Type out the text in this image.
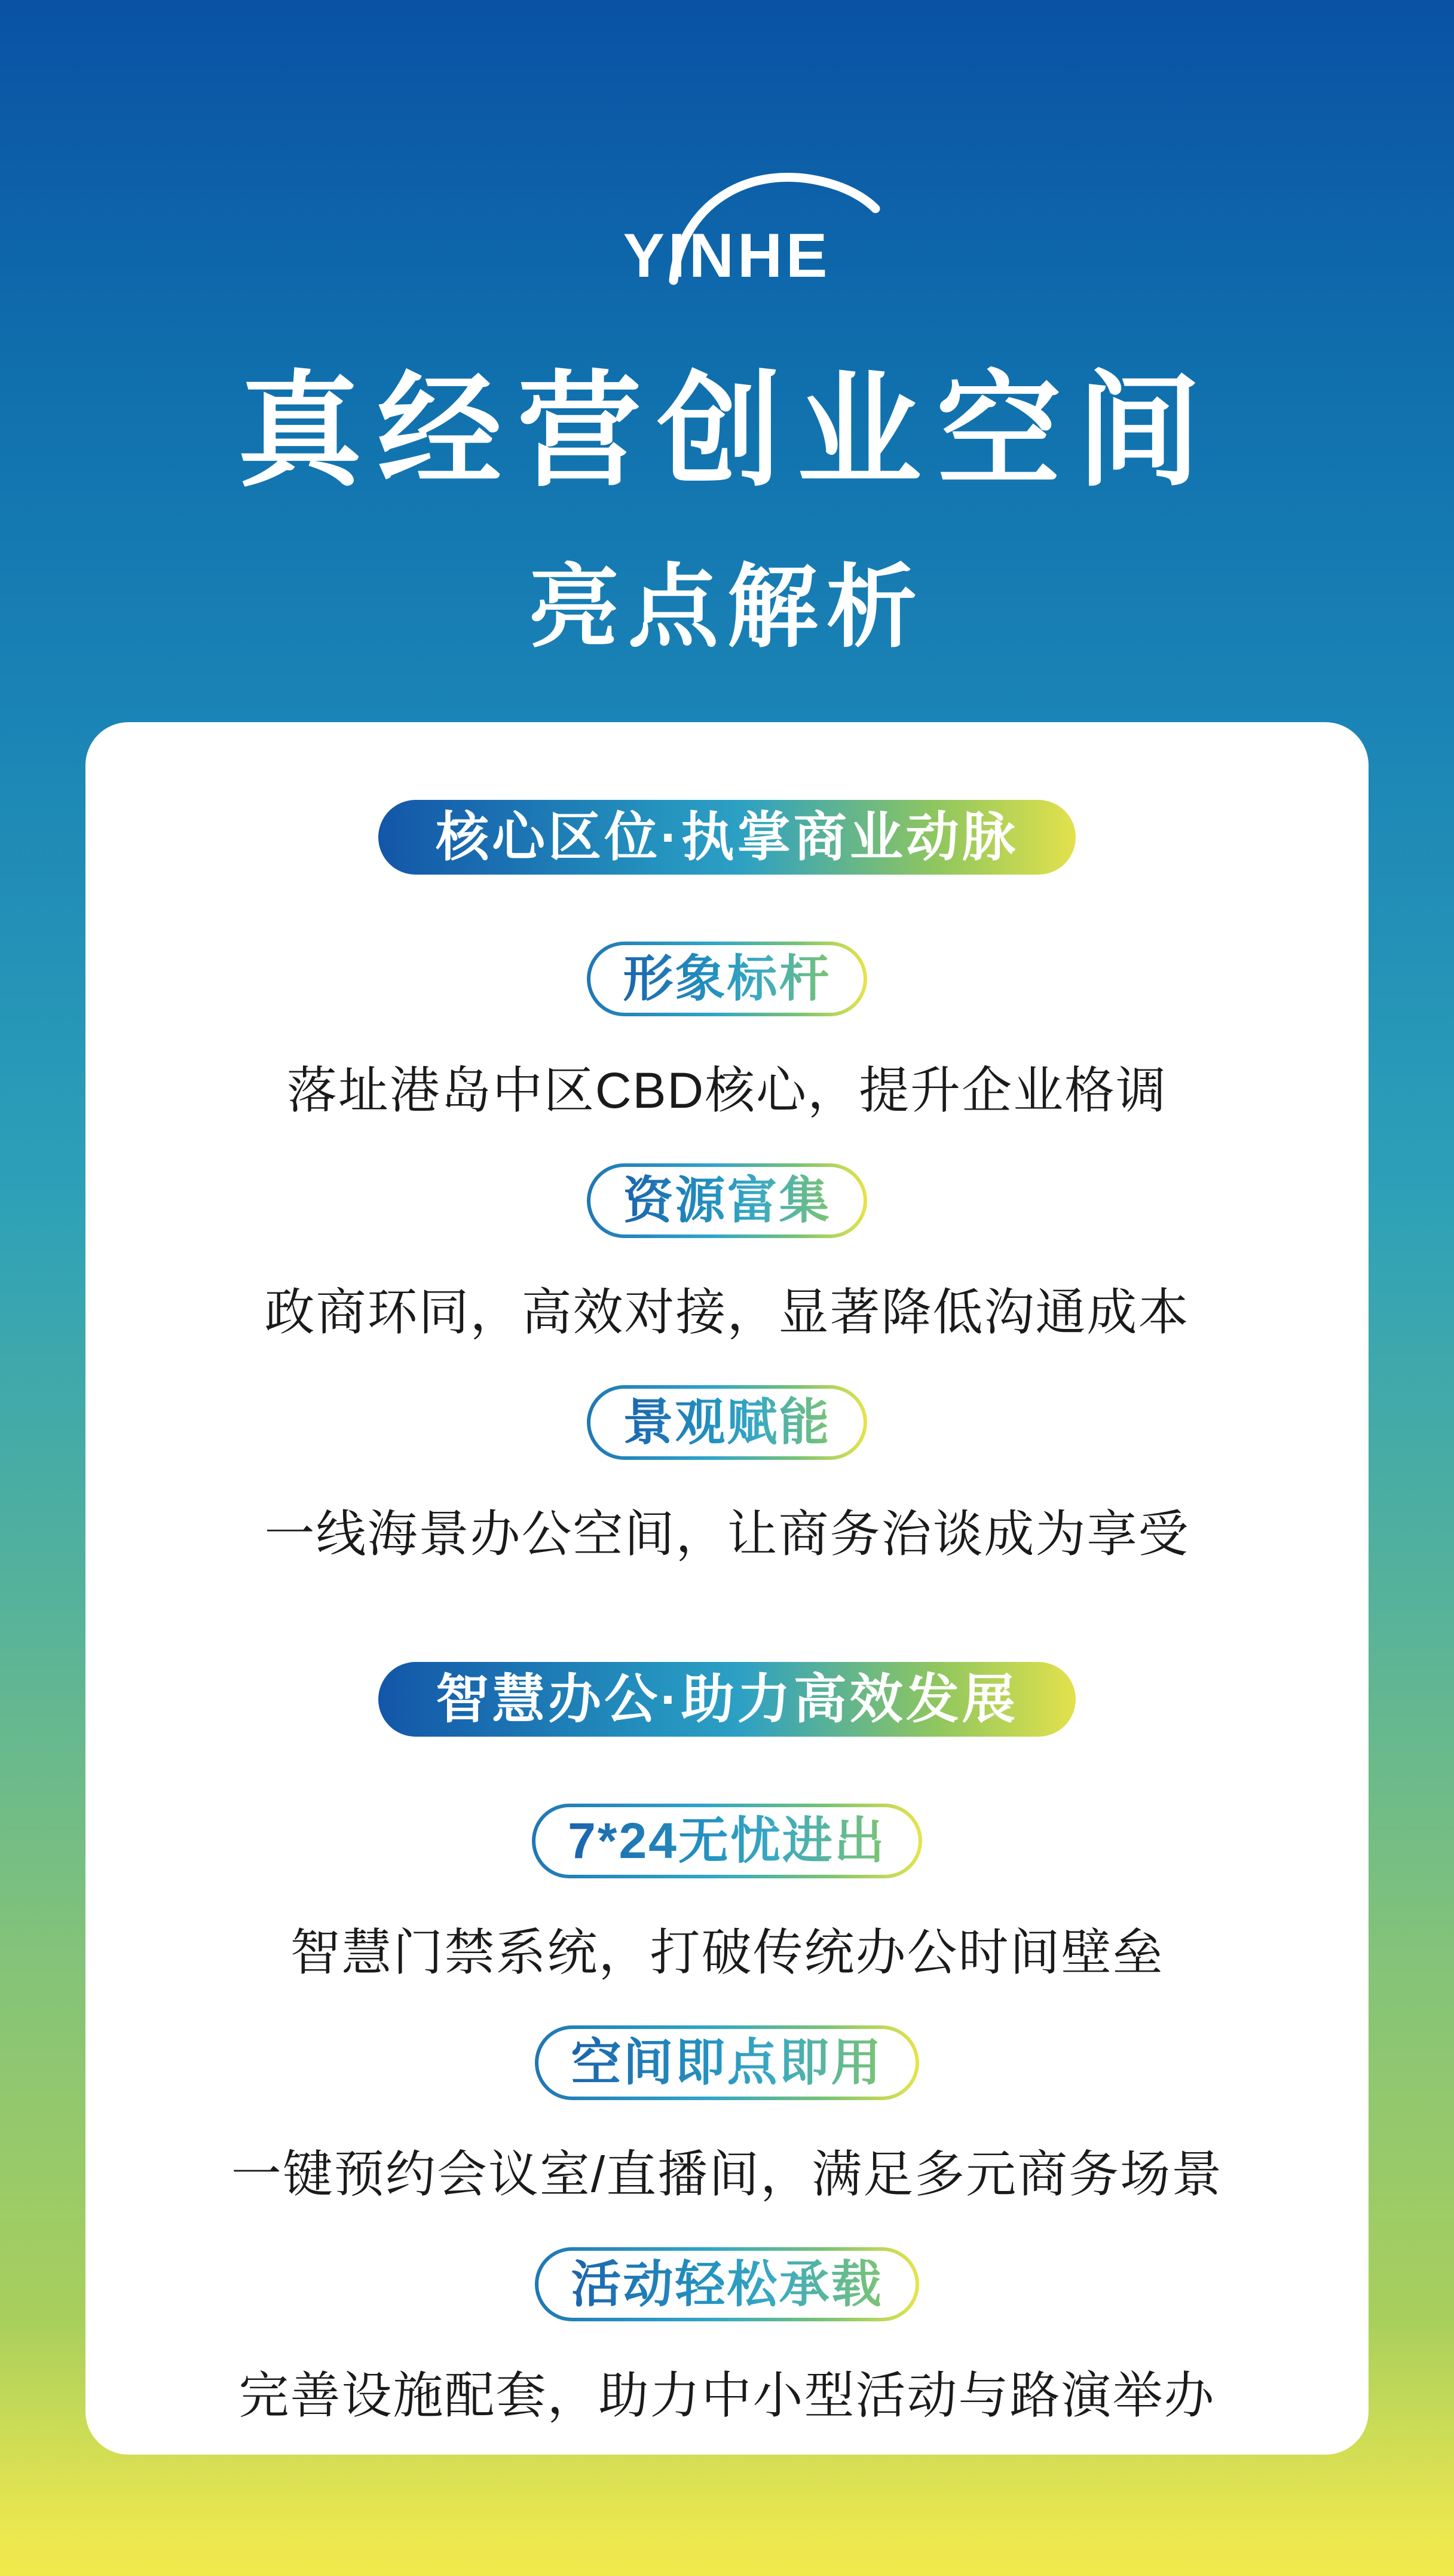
YINHE
真经营创业空间
亮点解析
核心区位·执掌商业动脉
形象标杆

落址港岛中区CBD核心，提升企业格调

资源富集

政商环同，高效对接，显著降低沟通成本

景观赋能

一线海景办公空间，让商务治谈成为享受

智慧办公·助力高效发展
7*24无忧进出

智慧门禁系统，打破传统办公时间壁垒

空间即点即用

一键预约会议室/直播间，满足多元商务场景

活动轻松承载

完善设施配套，助力中小型活动与路演举办
